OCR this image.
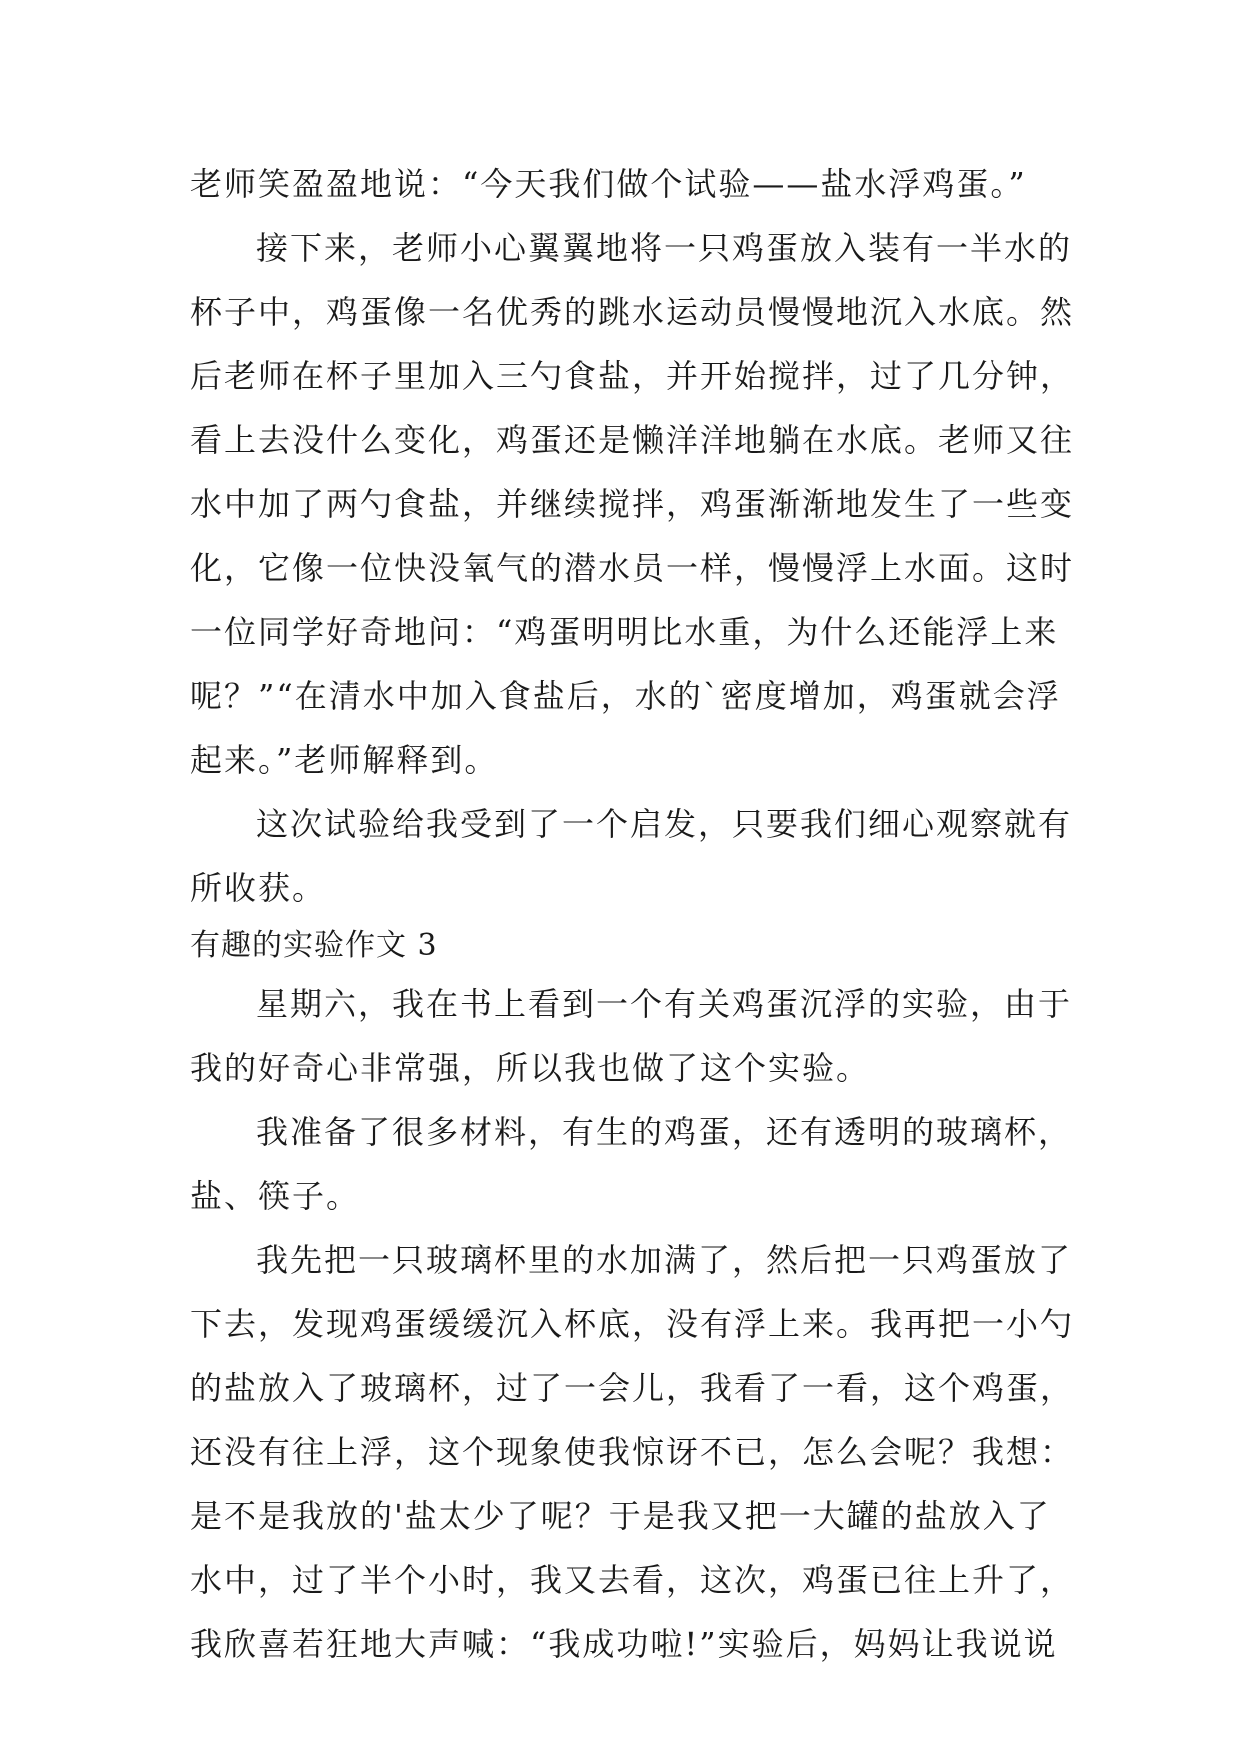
老师笑盈盈地说：“今天我们做个试验——盐水浮鸡蛋。”
接下来，老师小心翼翼地将一只鸡蛋放入装有一半水的
杯子中，鸡蛋像一名优秀的跳水运动员慢慢地沉入水底。然
后老师在杯子里加入三勺食盐，并开始搅拌，过了几分钟，
看上去没什么变化，鸡蛋还是懒洋洋地躺在水底。老师又往
水中加了两勺食盐，并继续搅拌，鸡蛋渐渐地发生了一些变
化，它像一位快没氧气的潜水员一样，慢慢浮上水面。这时
一位同学好奇地问：“鸡蛋明明比水重，为什么还能浮上来
呢？”“在清水中加入食盐后，水的`密度增加，鸡蛋就会浮
起来。”老师解释到。
这次试验给我受到了一个启发，只要我们细心观察就有
所收获。
有趣的实验作文 3
星期六，我在书上看到一个有关鸡蛋沉浮的实验，由于
我的好奇心非常强，所以我也做了这个实验。
我准备了很多材料，有生的鸡蛋，还有透明的玻璃杯，
盐、筷子。
我先把一只玻璃杯里的水加满了，然后把一只鸡蛋放了
下去，发现鸡蛋缓缓沉入杯底，没有浮上来。我再把一小勺
的盐放入了玻璃杯，过了一会儿，我看了一看，这个鸡蛋，
还没有往上浮，这个现象使我惊讶不已，怎么会呢？我想：
是不是我放的'盐太少了呢？于是我又把一大罐的盐放入了
水中，过了半个小时，我又去看，这次，鸡蛋已往上升了，
我欣喜若狂地大声喊：“我成功啦!”实验后，妈妈让我说说
